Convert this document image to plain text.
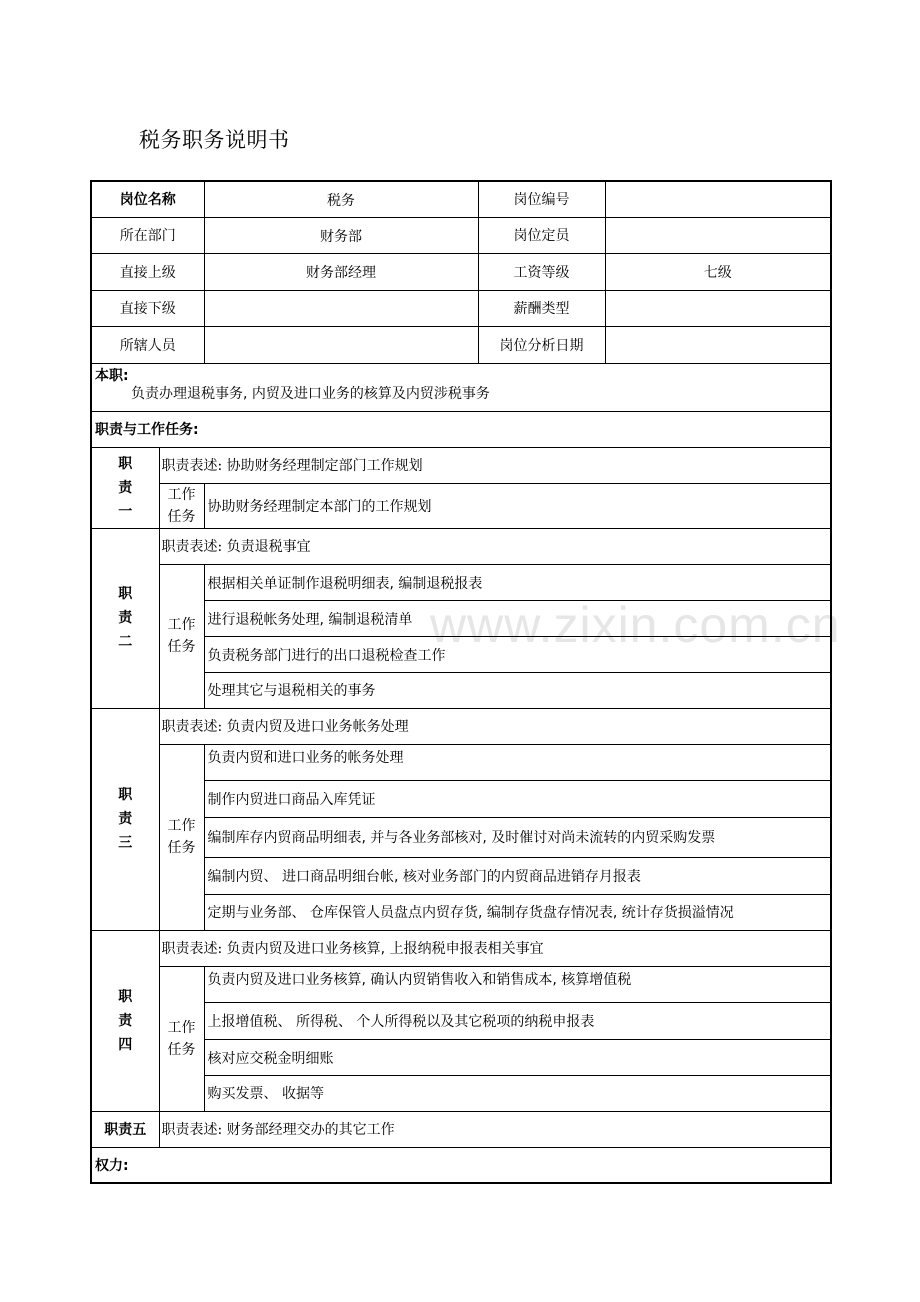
税务职务说明书
www.zixin.com.cn
岗位名称		税务	岗位编号	
所在部门		财务部	岗位定员	
直接上级		财务部经理	工资等级	七级
直接下级			薪酬类型	
所辖人员			岗位分析日期	

本职:
负责办理退税事务, 内贸及进口业务的核算及内贸涉税事务				

职责与工作任务:				
职
责
一	职责表述: 协助财务经理制定部门工作规划			
	工作
任务	协助财务经理制定本部门的工作规划		
职
责
二	职责表述: 负责退税事宜			
	工作
任务	根据相关单证制作退税明细表, 编制退税报表		
		进行退税帐务处理, 编制退税清单		
		负责税务部门进行的出口退税检查工作		
		处理其它与退税相关的事务		
职
责
三	职责表述: 负责内贸及进口业务帐务处理			
	工作
任务	负责内贸和进口业务的帐务处理		
		制作内贸进口商品入库凭证		
		编制库存内贸商品明细表, 并与各业务部核对, 及时催讨对尚未流转的内贸采购发票		
		编制内贸、 进口商品明细台帐, 核对业务部门的内贸商品进销存月报表		
		定期与业务部、 仓库保管人员盘点内贸存货, 编制存货盘存情况表, 统计存货损溢情况		
职
责
四	职责表述: 负责内贸及进口业务核算, 上报纳税申报表相关事宜			
	工作
任务	负责内贸及进口业务核算, 确认内贸销售收入和销售成本, 核算增值税		
		上报增值税、 所得税、 个人所得税以及其它税项的纳税申报表		
		核对应交税金明细账		
		购买发票、 收据等		
职责五	职责表述: 财务部经理交办的其它工作			
权力:				
